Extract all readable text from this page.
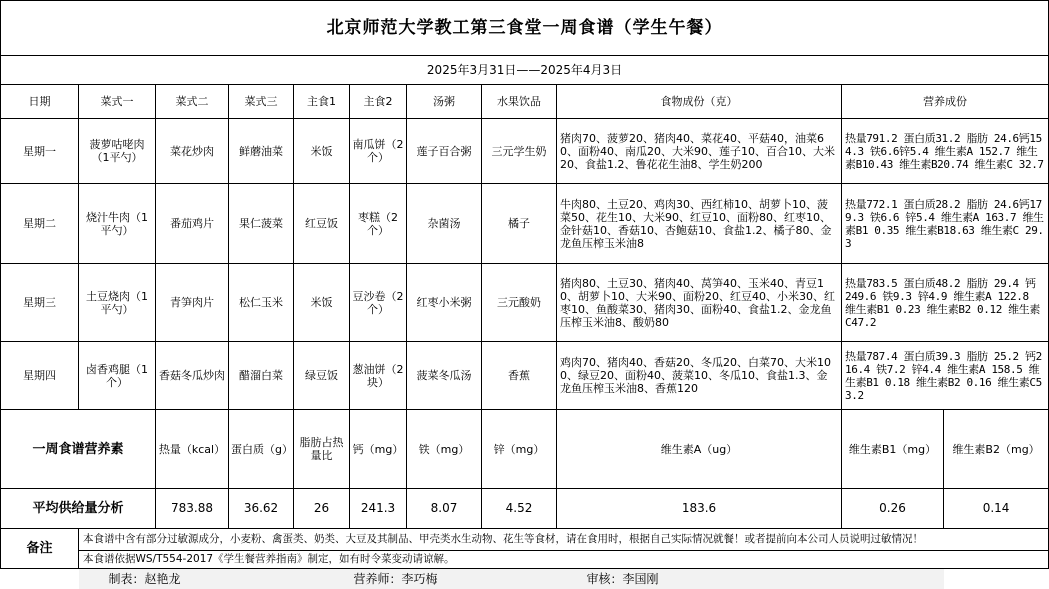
北京师范大学教工第三食堂一周食谱（学生午餐）											
2025年3月31日——2025年4月3日											
日期	菜式一	菜式二	菜式三	主食1	主食2	汤粥	水果饮品	食物成份（克）	营养成份		
星期一	菠萝咕咾肉（1平勺）	菜花炒肉	鲜蘑油菜	米饭	南瓜饼（2个）	莲子百合粥	三元学生奶	猪肉70、菠萝20、猪肉40、菜花40、平菇40，油菜60、面粉40、南瓜20、大米90、莲子10、百合10、大米20、食盐1.2、鲁花花生油8、学生奶200	热量791.2 蛋白质31.2 脂肪 24.6钙154.3 铁6.6锌5.4 维生素A 152.7 维生素B10.43 维生素B20.74 维生素C 32.7		
星期二	烧汁牛肉（1平勺）	番茄鸡片	果仁菠菜	红豆饭	枣糕（2个）	杂菌汤	橘子	牛肉80、土豆20、鸡肉30、西红柿10、胡萝卜10、菠菜50、花生10、大米90、红豆10、面粉80、红枣10、金针菇10、香菇10、杏鲍菇10、食盐1.2、橘子80、金龙鱼压榨玉米油8	热量772.1 蛋白质28.2 脂肪 24.6钙179.3 铁6.6 锌5.4 维生素A 163.7 维生素B1 0.35 维生素B18.63 维生素C 29.3		
星期三	土豆烧肉（1平勺）	青笋肉片	松仁玉米	米饭	豆沙卷（2个）	红枣小米粥	三元酸奶	猪肉80、土豆30、猪肉40、莴笋40、玉米40、青豆10、胡萝卜10、大米90、面粉20、红豆40、小米30、红枣10、鱼酸菜30、猪肉30、面粉40、食盐1.2、金龙鱼压榨玉米油8、酸奶80	热量783.5 蛋白质48.2 脂肪 29.4 钙 249.6 铁9.3 锌4.9 维生素A 122.8 维生素B1 0.23 维生素B2 0.12 维生素C47.2		
星期四	卤香鸡腿（1个）	香菇冬瓜炒肉	醋溜白菜	绿豆饭	葱油饼（2块）	菠菜冬瓜汤	香蕉	鸡肉70、猪肉40、香菇20、冬瓜20、白菜70、大米100、绿豆20、面粉40、菠菜10、冬瓜10、食盐1.3、金龙鱼压榨玉米油8、香蕉120	热量787.4 蛋白质39.3 脂肪 25.2 钙216.4 铁7.2 锌4.4 维生素A 158.5 维生素B1 0.18 维生素B2 0.16 维生素C53.2		
一周食谱营养素		热量（kcal）	蛋白质（g）	脂肪占热量比	钙（mg）	铁（mg）	锌（mg）	维生素A（ug）	维生素B1（mg）	维生素B2（mg）	
平均供给量分析		783.88	36.62	26	241.3	8.07	4.52	183.6	0.26	0.14	
备注	本食谱中含有部分过敏源成分，小麦粉、禽蛋类、奶类、大豆及其制品、甲壳类水生动物、花生等食材，请在食用时，根据自己实际情况就餐！或者提前向本公司人员说明过敏情况！										
	本食谱依据WS/T554-2017《学生餐营养指南》制定，如有时令菜变动请谅解。										
	制表：赵艳龙			营养师：李巧梅				审核：李国刚			
